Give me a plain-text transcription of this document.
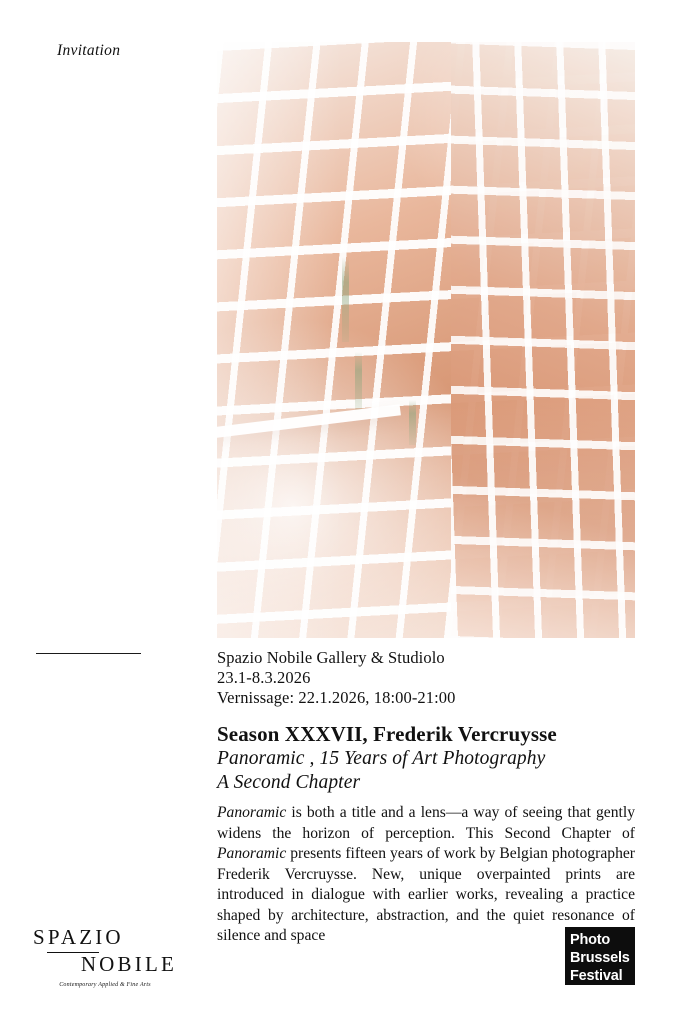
Invitation
Spazio Nobile Gallery & Studiolo
23.1-8.3.2026
Vernissage: 22.1.2026, 18:00-21:00
Season XXXVII, Frederik Vercruysse
Panoramic , 15 Years of Art Photography
A Second Chapter
Panoramic is both a title and a lens—a way of seeing that gently widens the horizon of perception. This Second Chapter of Panoramic presents fifteen years of work by Belgian photographer Frederik Vercruysse. New, unique overpainted prints are introduced in dialogue with earlier works, revealing a practice shaped by architecture, abstraction, and the quiet resonance of silence and space
SPAZIO
NOBILE
Contemporary Applied & Fine Arts
Photo
Brussels
Festival
